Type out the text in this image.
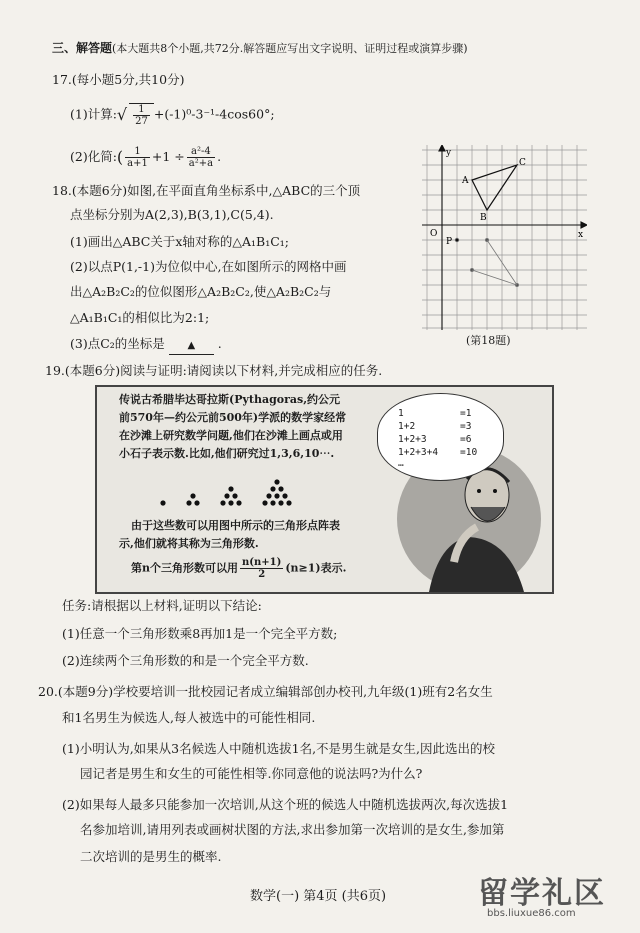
三、解答题(本大题共8个小题,共72分.解答题应写出文字说明、证明过程或演算步骤)
17.(每小题5分,共10分)
(1)计算:√ $\frac{1}{27} +(-1)^0-3^{-1}-4\cos 60^\circ$;
(2)化简:( $\frac{1}{a+1} +1 \div \frac{\text{a²-4}}{\text{a²+a}}$ .
18.(本题6分)如图,在平面直角坐标系中,△ABC的三个顶
点坐标分别为A(2,3),B(3,1),C(5,4).
(1)画出△ABC关于x轴对称的△A₁B₁C₁;
(2)以点P(1,-1)为位似中心,在如图所示的网格中画
出△A₂B₂C₂的位似图形△A₂B₂C₂,使△A₂B₂C₂与
△A₁B₁C₁的相似比为2:1;
(3)点C₂的坐标是 ▲ .
y
x
O
A
B
C
P
(第18题)
19.(本题6分)阅读与证明:请阅读以下材料,并完成相应的任务.
传说古希腊毕达哥拉斯(Pythagoras,约公元
前570年—约公元前500年)学派的数学家经常
在沙滩上研究数学问题,他们在沙滩上画点或用
小石子表示数.比如,他们研究过1,3,6,10⋯.
由于这些数可以用图中所示的三角形点阵表
示,他们就将其称为三角形数.
第n个三角形数可以用 $\frac{n(n+1)}{2} (n\ge 1)$表示.
1	=1
1+2	=3
1+2+3	=6
1+2+3+4 =10
⋯
任务:请根据以上材料,证明以下结论:
(1)任意一个三角形数乘8再加1是一个完全平方数;
(2)连续两个三角形数的和是一个完全平方数.
20.(本题9分)学校要培训一批校园记者成立编辑部创办校刊,九年级(1)班有2名女生
和1名男生为候选人,每人被选中的可能性相同.
(1)小明认为,如果从3名候选人中随机选拔1名,不是男生就是女生,因此选出的校
园记者是男生和女生的可能性相等.你同意他的说法吗?为什么?
(2)如果每人最多只能参加一次培训,从这个班的候选人中随机选拔两次,每次选拔1
名参加培训,请用列表或画树状图的方法,求出参加第一次培训的是女生,参加第
二次培训的是男生的概率.
数学(一) 第4页 (共6页)	留学礼区
bbs.liuxue86.com
